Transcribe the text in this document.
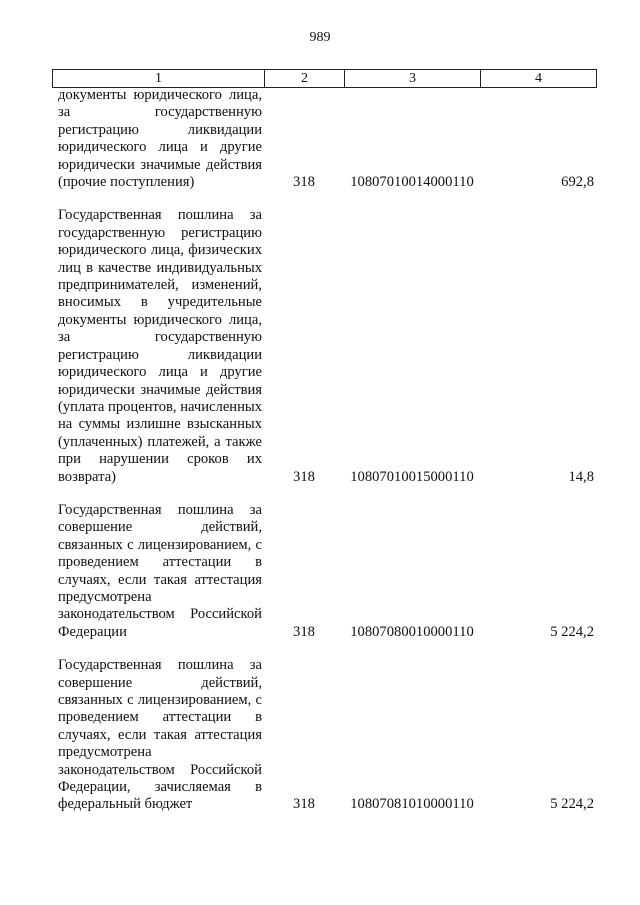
989
1	2	3	4
документы юридического лица, за государственную регистрацию ликвидации юридического лица и другие юридически значимые действия (прочие поступления)	318	10807010014000110	692,8
Государственная пошлина за государственную регистрацию юридического лица, физических лиц в качестве индивидуальных предпринимателей, изменений, вносимых в учредительные документы юридического лица, за государственную регистрацию ликвидации юридического лица и другие юридически значимые действия (уплата процентов, начисленных на суммы излишне взысканных (уплаченных) платежей, а также при нарушении сроков их возврата)	318	10807010015000110	14,8
Государственная пошлина за совершение действий, связанных с лицензированием, с проведением аттестации в случаях, если такая аттестация предусмотрена законодательством Российской Федерации	318	10807080010000110	5 224,2
Государственная пошлина за совершение действий, связанных с лицензированием, с проведением аттестации в случаях, если такая аттестация предусмотрена законодательством Российской Федерации, зачисляемая в федеральный бюджет	318	10807081010000110	5 224,2
